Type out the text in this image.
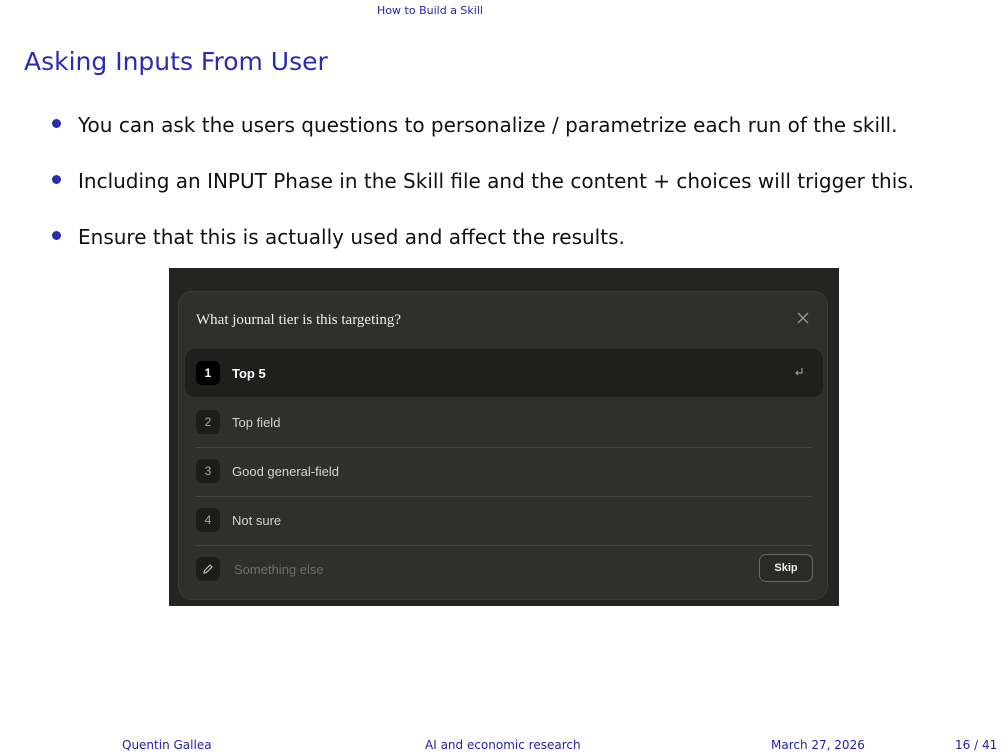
How to Build a Skill
Asking Inputs From User
You can ask the users questions to personalize / parametrize each run of the skill.
Including an INPUT Phase in the Skill file and the content + choices will trigger this.
Ensure that this is actually used and affect the results.
What journal tier is this targeting?
1	Top 5
2	Top field
3	Good general-field
4	Not sure
Something else
Skip
Quentin Gallea	AI and economic research	March 27, 2026	16 / 41
